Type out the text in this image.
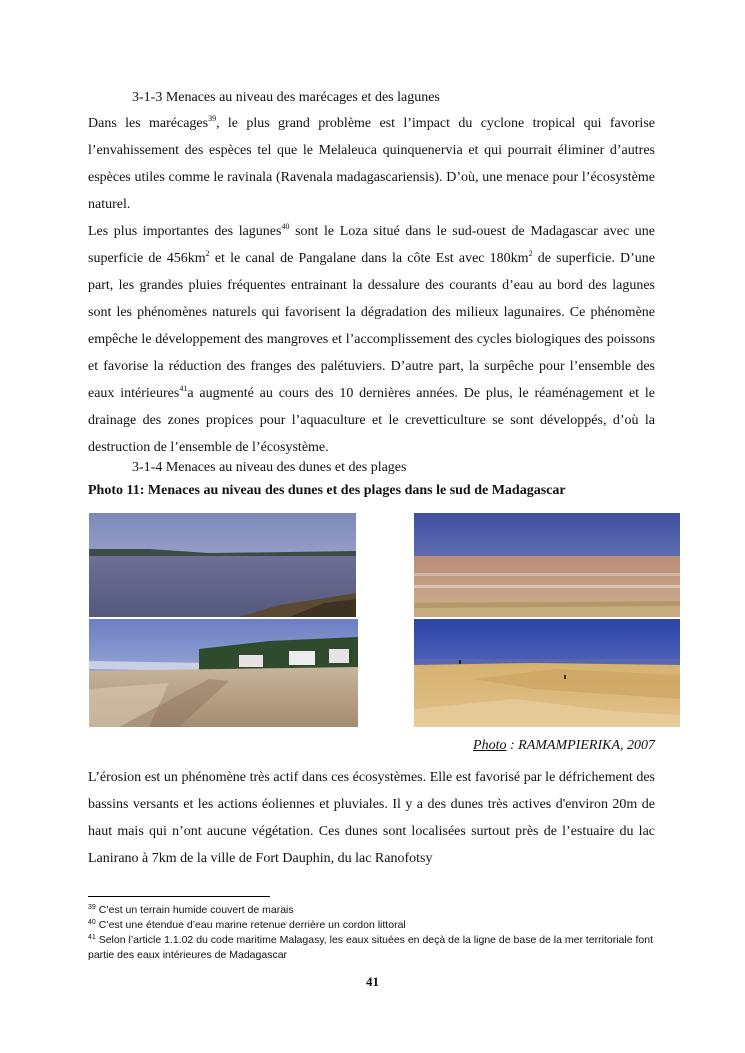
3-1-3 Menaces au niveau des marécages et des lagunes
Dans les marécages$^{39}$, le plus grand problème est l’impact du cyclone tropical qui favorise l’envahissement des espèces tel que le Melaleuca quinquenervia et qui pourrait éliminer d’autres espèces utiles comme le ravinala (Ravenala madagascariensis). D’où, une menace pour l’écosystème naturel.
Les plus importantes des lagunes$^{40}$ sont le Loza situé dans le sud-ouest de Madagascar avec une superficie de $456km^2$ et le canal de Pangalane dans la côte Est avec $180km^2$ de superficie. D’une part, les grandes pluies fréquentes entrainant la dessalure des courants d’eau au bord des lagunes sont les phénomènes naturels qui favorisent la dégradation des milieux lagunaires. Ce phénomène empêche le développement des mangroves et l’accomplissement des cycles biologiques des poissons et favorise la réduction des franges des palétuviers. D’autre part, la surpêche pour l’ensemble des eaux intérieures$^{41}$a augmenté au cours des 10 dernières années. De plus, le réaménagement et le drainage des zones propices pour l’aquaculture et le crevetticulture se sont développés, d’où la destruction de l’ensemble de l’écosystème.
3-1-4 Menaces au niveau des dunes et des plages
Photo 11: Menaces au niveau des dunes et des plages dans le sud de Madagascar
Photo : RAMAMPIERIKA, 2007
L’érosion est un phénomène très actif dans ces écosystèmes. Elle est favorisé par le défrichement des bassins versants et les actions éoliennes et pluviales. Il y a des dunes très actives d'environ 20m de haut mais qui n’ont aucune végétation. Ces dunes sont localisées surtout près de l’estuaire du lac Lanirano à 7km de la ville de Fort Dauphin, du lac Ranofotsy
$^{39}$ C’est un terrain humide couvert de marais
$^{40}$ C’est une étendue d’eau marine retenue derrière un cordon littoral
$^{41}$ Selon l’article 1.1.02 du code maritime Malagasy, les eaux situées en deçà de la ligne de base de la mer territoriale font partie des eaux intérieures de Madagascar
41
